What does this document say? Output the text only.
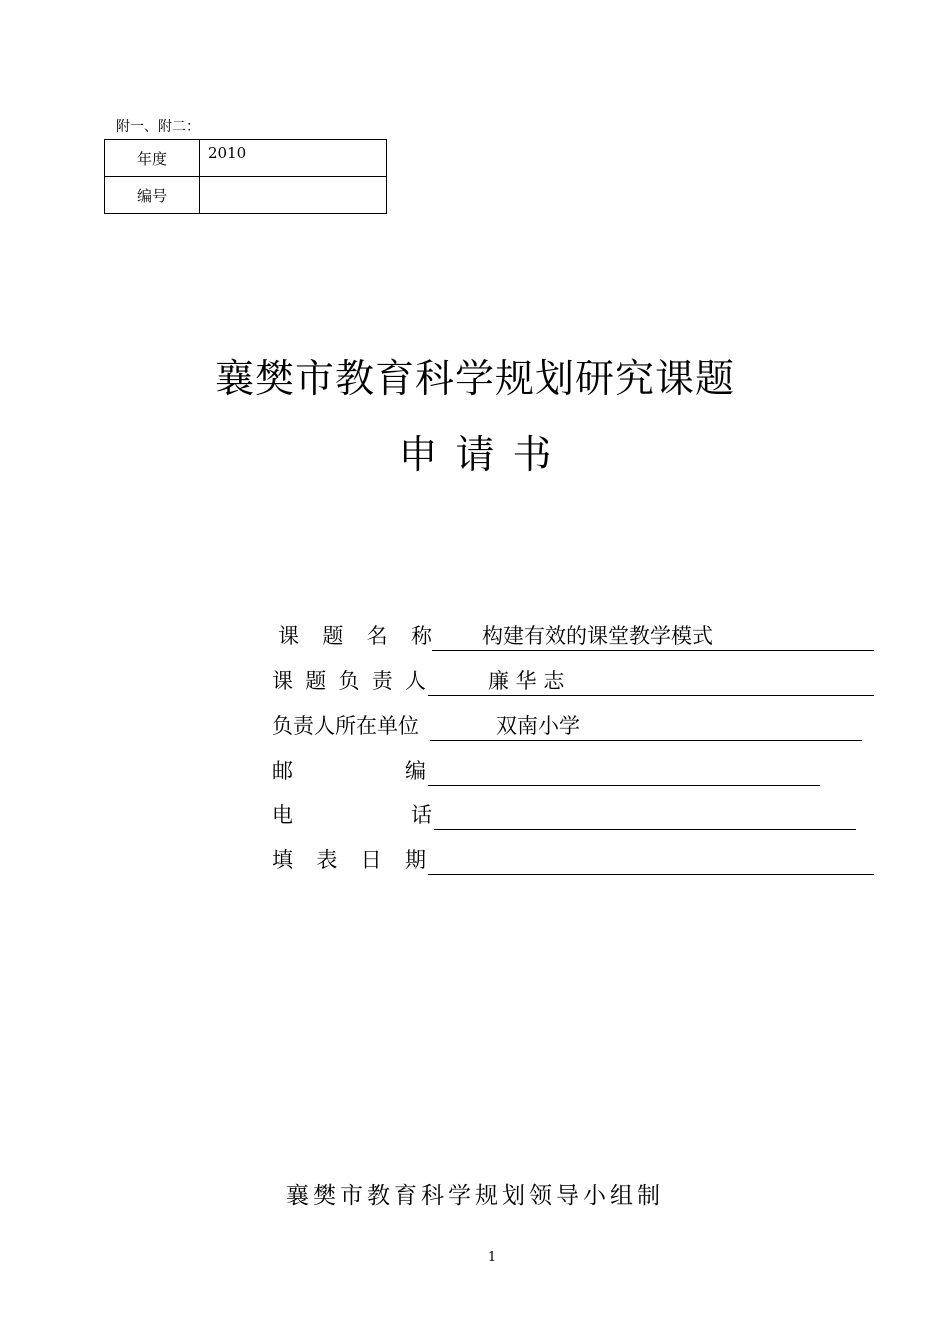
附一、附二：
年度	2010
编号	
襄樊市教育科学规划研究课题
申请书
课 题 名 称 构建有效的课堂教学模式
课 题 负 责 人	廉 华 志
负责人所在单位	双南小学
邮	编
电	话
填 表 日 期
襄樊市教育科学规划领导小组制
1
